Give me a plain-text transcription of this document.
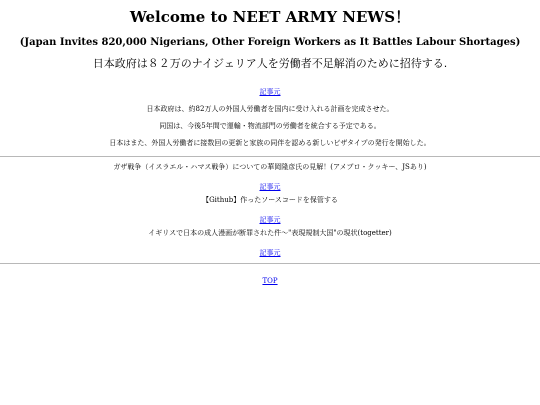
Welcome to NEET ARMY NEWS！

(Japan Invites 820,000 Nigerians, Other Foreign Workers as It Battles Labour Shortages)

日本政府は８２万のナイジェリア人を労働者不足解消のために招待する.

記事元

日本政府は、約82万人の外国人労働者を国内に受け入れる計画を完成させた。

同国は、今後5年間で運輸・物流部門の労働者を統合する予定である。

日本はまた、外国人労働者に接数回の更新と家族の同伴を認める新しいビザタイプの発行を開始した。

ガザ戦争（イスラエル・ハマス戦争）についての華岡隆彦氏の見解！(アメブロ・クッキー、JSあり)

記事元

【Github】作ったソースコードを保管する

記事元

イギリスで日本の成人漫画が断罪された件～"表現規制大国"の現状(togetter)

記事元
TOP
